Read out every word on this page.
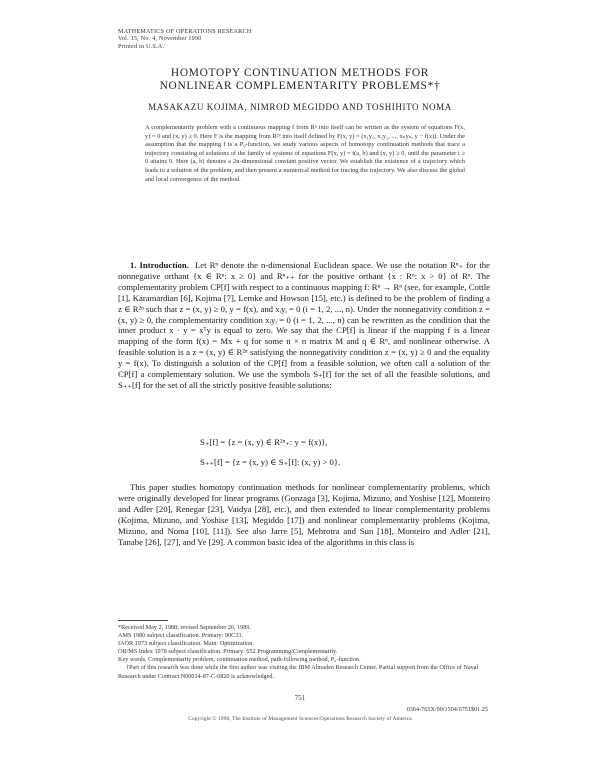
MATHEMATICS OF OPERATIONS RESEARCH
Vol. 15, No. 4, November 1990
Printed in U.S.A.
HOMOTOPY CONTINUATION METHODS FOR
NONLINEAR COMPLEMENTARITY PROBLEMS*†
MASAKAZU KOJIMA, NIMROD MEGIDDO AND TOSHIHITO NOMA
A complementarity problem with a continuous mapping f from Rⁿ into itself can be written as the system of equations F(x, y) = 0 and (x, y) ≥ 0. Here F is the mapping from R²ⁿ into itself defined by F(x, y) = (x₁y₁, x₂y₂, ..., xₙyₙ, y − f(x)). Under the assumption that the mapping f is a P₀-function, we study various aspects of homotopy continuation methods that trace a trajectory consisting of solutions of the family of systems of equations F(x, y) = t(a, b) and (x, y) ≥ 0, until the parameter t ≥ 0 attains 0. Here (a, b) denotes a 2n-dimensional constant positive vector. We establish the existence of a trajectory which leads to a solution of the problem, and then present a numerical method for tracing the trajectory. We also discuss the global and local convergence of the method.

1. Introduction. Let Rⁿ denote the n-dimensional Euclidean space. We use the notation Rⁿ₊ for the nonnegative orthant {x ∈ Rⁿ: x ≥ 0} and Rⁿ₊₊ for the positive orthant {x : Rⁿ: x > 0} of Rⁿ. The complementarity problem CP[f] with respect to a continuous mapping f: Rⁿ → Rⁿ (see, for example, Cottle [1], Karamardian [6], Kojima [7], Lemke and Howson [15], etc.) is defined to be the problem of finding a z ∈ R²ⁿ such that z = (x, y) ≥ 0, y = f(x), and xᵢyᵢ = 0 (i = 1, 2, ..., n). Under the nonnegativity condition z = (x, y) ≥ 0, the complementarity condition xᵢyᵢ = 0 (i = 1, 2, ..., n) can be rewritten as the condition that the inner product x · y = xᵀy is equal to zero. We say that the CP[f] is linear if the mapping f is a linear mapping of the form f(x) = Mx + q for some n × n matrix M and q ∈ Rⁿ, and nonlinear otherwise. A feasible solution is a z = (x, y) ∈ R²ⁿ satisfying the nonnegativity condition z = (x, y) ≥ 0 and the equality y = f(x). To distinguish a solution of the CP[f] from a feasible solution, we often call a solution of the CP[f] a complementary solution. We use the symbols S₊[f] for the set of all the feasible solutions, and S₊₊[f] for the set of all the strictly positive feasible solutions:

S₊[f] = {z = (x, y) ∈ R²ⁿ₊: y = f(x)},
S₊₊[f] = {z = (x, y) ∈ S₊[f]: (x, y) > 0}.

This paper studies homotopy continuation methods for nonlinear complementarity problems, which were originally developed for linear programs (Gonzaga [3], Kojima, Mizuno, and Yoshise [12], Monteiro and Adler [20], Renegar [23], Vaidya [28], etc.), and then extended to linear complementarity problems (Kojima, Mizuno, and Yoshise [13], Megiddo [17]) and nonlinear complementarity problems (Kojima, Mizuno, and Noma [10], [11]). See also Jarre [5], Mehrotra and Sun [18], Monteiro and Adler [21], Tanabe [26], [27], and Ye [29]. A common basic idea of the algorithms in this class is

*Received May 2, 1988; revised September 26, 1989.
AMS 1980 subject classification. Primary: 90C33.
IAOR 1973 subject classification. Main: Optimization.
OR/MS Index 1978 subject classification. Primary: 652 Programming/Complementarity.
Key words. Complementarity problem, continuation method, path-following method, P₀-function.
†Part of this research was done while the first author was visiting the IBM Almaden Research Center. Partial support from the Office of Naval Research under Contract N00014-87-C-0820 is acknowledged.
751
0364-765X/90/1504/0751$01.25
Copyright © 1990, The Institute of Management Sciences/Operations Research Society of America
